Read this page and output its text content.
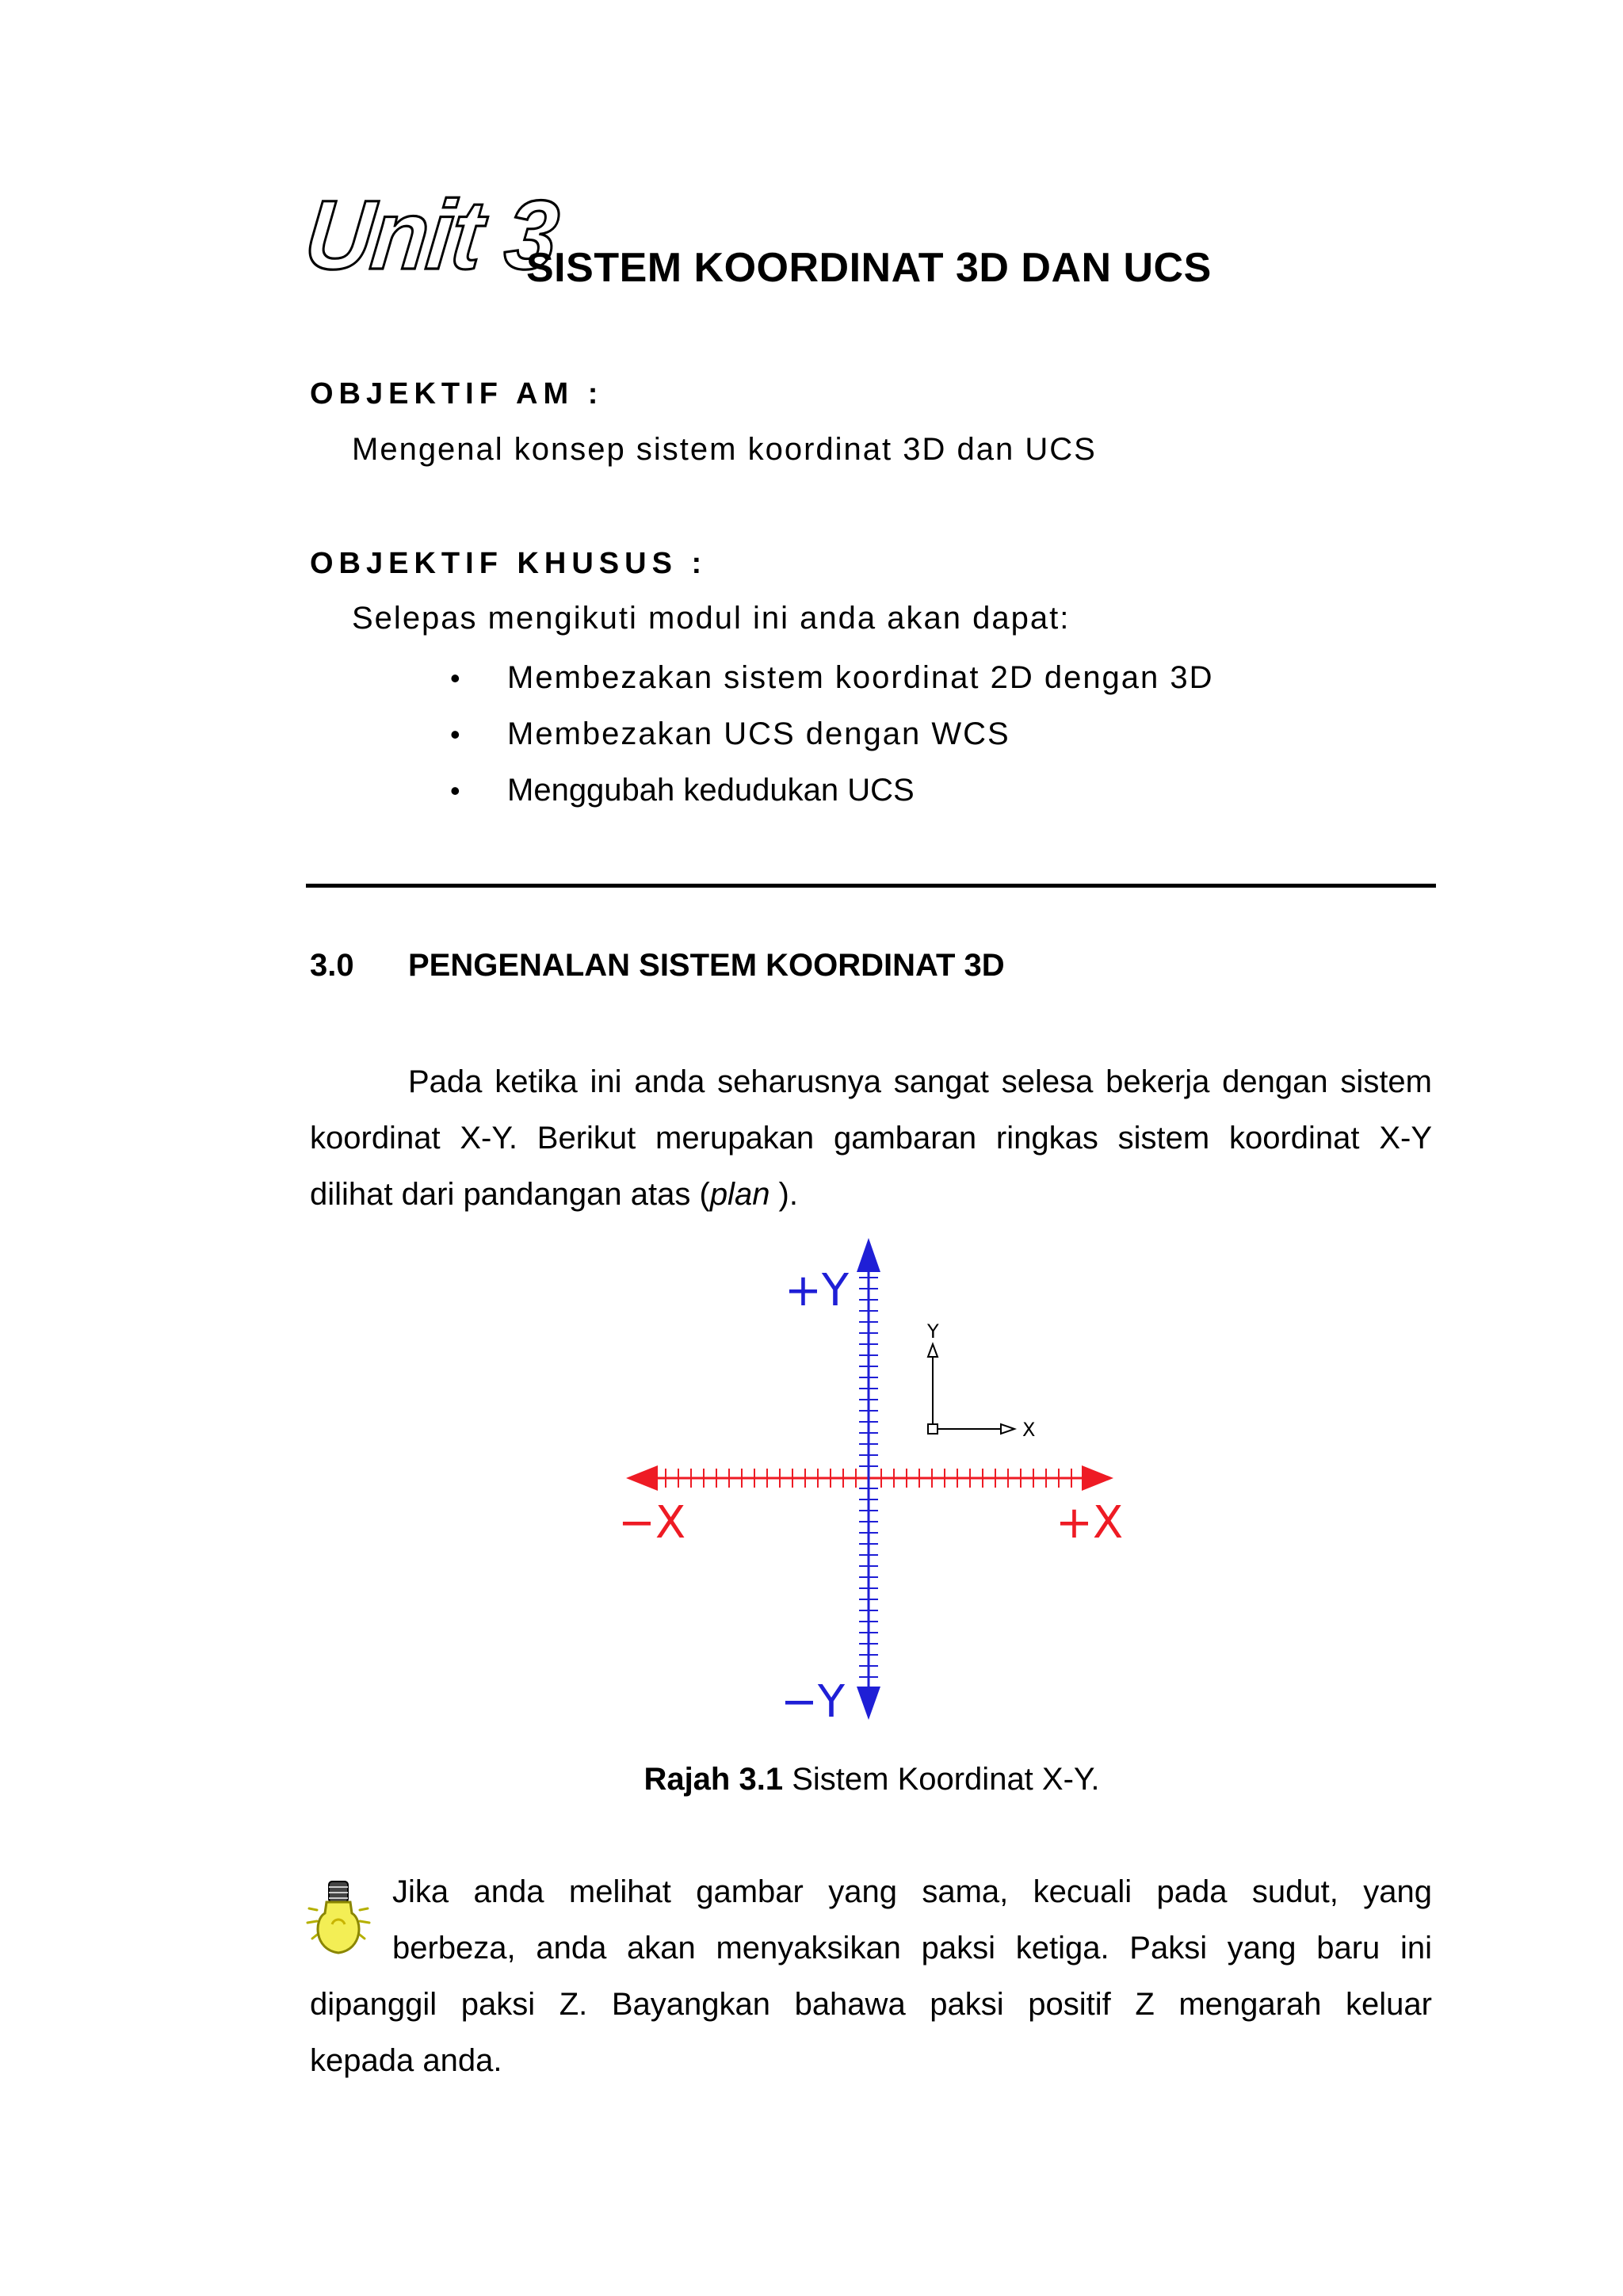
Unit 3
SISTEM KOORDINAT 3D DAN UCS
OBJEKTIF AM :
Mengenal konsep sistem koordinat 3D dan UCS
OBJEKTIF KHUSUS :
Selepas mengikuti modul ini anda akan dapat:
• Membezakan sistem koordinat 2D dengan 3D
• Membezakan UCS dengan WCS
• Menggubah kedudukan UCS
3.0 PENGENALAN SISTEM KOORDINAT 3D
Pada ketika ini anda seharusnya sangat selesa bekerja dengan sistem
koordinat X-Y. Berikut merupakan gambaran ringkas sistem koordinat X-Y
dilihat dari pandangan atas (plan ).
+Y
−Y
−X	+X
Y
X
Rajah 3.1 Sistem Koordinat X-Y.
Jika anda melihat gambar yang sama, kecuali pada sudut, yang
berbeza, anda akan menyaksikan paksi ketiga. Paksi yang baru ini
dipanggil paksi Z. Bayangkan bahawa paksi positif Z mengarah keluar
kepada anda.
